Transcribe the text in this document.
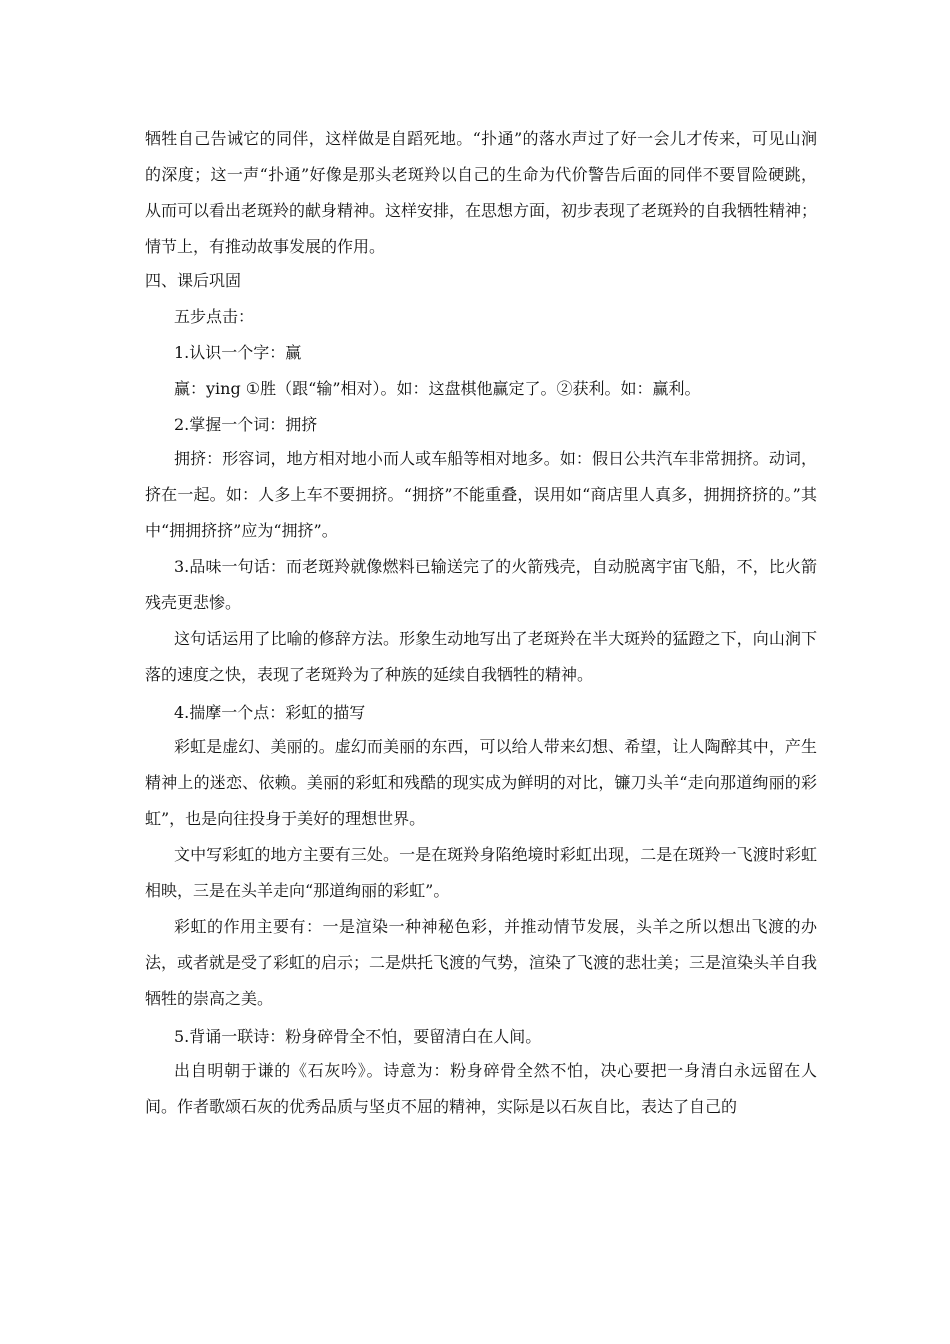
牺牲自己告诫它的同伴，这样做是自蹈死地。“扑通”的落水声过了好一会儿才传来，可见山涧的深度；这一声“扑通”好像是那头老斑羚以自己的生命为代价警告后面的同伴不要冒险硬跳，从而可以看出老斑羚的献身精神。这样安排，在思想方面，初步表现了老斑羚的自我牺牲精神；情节上，有推动故事发展的作用。

四、课后巩固

五步点击：

1.认识一个字：赢

赢：ying ①胜（跟“输”相对）。如：这盘棋他赢定了。②获利。如：赢利。

2.掌握一个词：拥挤

拥挤：形容词，地方相对地小而人或车船等相对地多。如：假日公共汽车非常拥挤。动词，挤在一起。如：人多上车不要拥挤。“拥挤”不能重叠，误用如“商店里人真多，拥拥挤挤的。”其中“拥拥挤挤”应为“拥挤”。

3.品味一句话：而老斑羚就像燃料已输送完了的火箭残壳，自动脱离宇宙飞船，不，比火箭残壳更悲惨。

这句话运用了比喻的修辞方法。形象生动地写出了老斑羚在半大斑羚的猛蹬之下，向山涧下落的速度之快，表现了老斑羚为了种族的延续自我牺牲的精神。

4.揣摩一个点：彩虹的描写

彩虹是虚幻、美丽的。虚幻而美丽的东西，可以给人带来幻想、希望，让人陶醉其中，产生精神上的迷恋、依赖。美丽的彩虹和残酷的现实成为鲜明的对比，镰刀头羊“走向那道绚丽的彩虹”，也是向往投身于美好的理想世界。

文中写彩虹的地方主要有三处。一是在斑羚身陷绝境时彩虹出现，二是在斑羚一飞渡时彩虹相映，三是在头羊走向“那道绚丽的彩虹”。

彩虹的作用主要有：一是渲染一种神秘色彩，并推动情节发展，头羊之所以想出飞渡的办法，或者就是受了彩虹的启示；二是烘托飞渡的气势，渲染了飞渡的悲壮美；三是渲染头羊自我牺牲的崇高之美。

5.背诵一联诗：粉身碎骨全不怕，要留清白在人间。

出自明朝于谦的《石灰吟》。诗意为：粉身碎骨全然不怕，决心要把一身清白永远留在人间。作者歌颂石灰的优秀品质与坚贞不屈的精神，实际是以石灰自比，表达了自己的
